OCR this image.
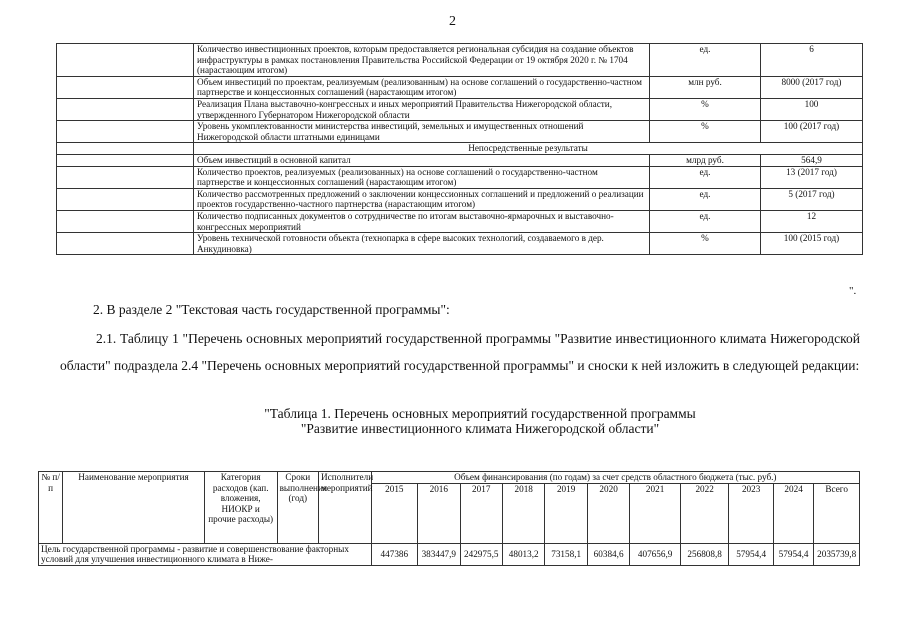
2
	Количество инвестиционных проектов, которым предоставляется региональная субсидия на создание объектов инфраструктуры в рамках постановления Правительства Российской Федерации от 19 октября 2020 г. № 1704 (нарастающим итогом)	ед.	6
	Объем инвестиций по проектам, реализуемым (реализованным) на основе соглашений о государственно-частном партнерстве и концессионных соглашений (нарастающим итогом)	млн руб.	8000 (2017 год)
	Реализация Плана выставочно-конгрессных и иных мероприятий Правительства Нижегородской области, утвержденного Губернатором Нижегородской области	%	100
	Уровень укомплектованности министерства инвестиций, земельных и имущественных отношений Нижегородской области штатными единицами	%	100 (2017 год)
	Непосредственные результаты		
	Объем инвестиций в основной капитал	млрд руб.	564,9
	Количество проектов, реализуемых (реализованных) на основе соглашений о государственно-частном партнерстве и концессионных соглашений (нарастающим итогом)	ед.	13 (2017 год)
	Количество рассмотренных предложений о заключении концессионных соглашений и предложений о реализации проектов государственно-частного партнерства (нарастающим итогом)	ед.	5 (2017 год)
	Количество подписанных документов о сотрудничестве по итогам выставочно-ярмарочных и выставочно-конгрессных мероприятий	ед.	12
	Уровень технической готовности объекта (технопарка в сфере высоких технологий, создаваемого в дер. Анкудиновка)	%	100 (2015 год)
".
2. В разделе 2 "Текстовая часть государственной программы":
2.1. Таблицу 1 "Перечень основных мероприятий государственной программы "Развитие инвестиционного климата Нижегородской области" подраздела 2.4 "Перечень основных мероприятий государственной программы" и сноски к ней изложить в следующей редакции:
"Таблица 1. Перечень основных мероприятий государственной программы
"Развитие инвестиционного климата Нижегородской области"
№ п/п	Наименование мероприятия	Категория расходов (кап. вложения, НИОКР и прочие расходы)	Сроки выполнения (год)	Исполнители мероприятий	Объем финансирования (по годам) за счет средств областного бюджета (тыс. руб.)										
					2015	2016	2017	2018	2019	2020	2021	2022	2023	2024	Всего
Цель государственной программы - развитие и совершенствование факторных условий для улучшения инвестиционного климата в Ниже-					447386	383447,9	242975,5	48013,2	73158,1	60384,6	407656,9	256808,8	57954,4	57954,4	2035739,8
